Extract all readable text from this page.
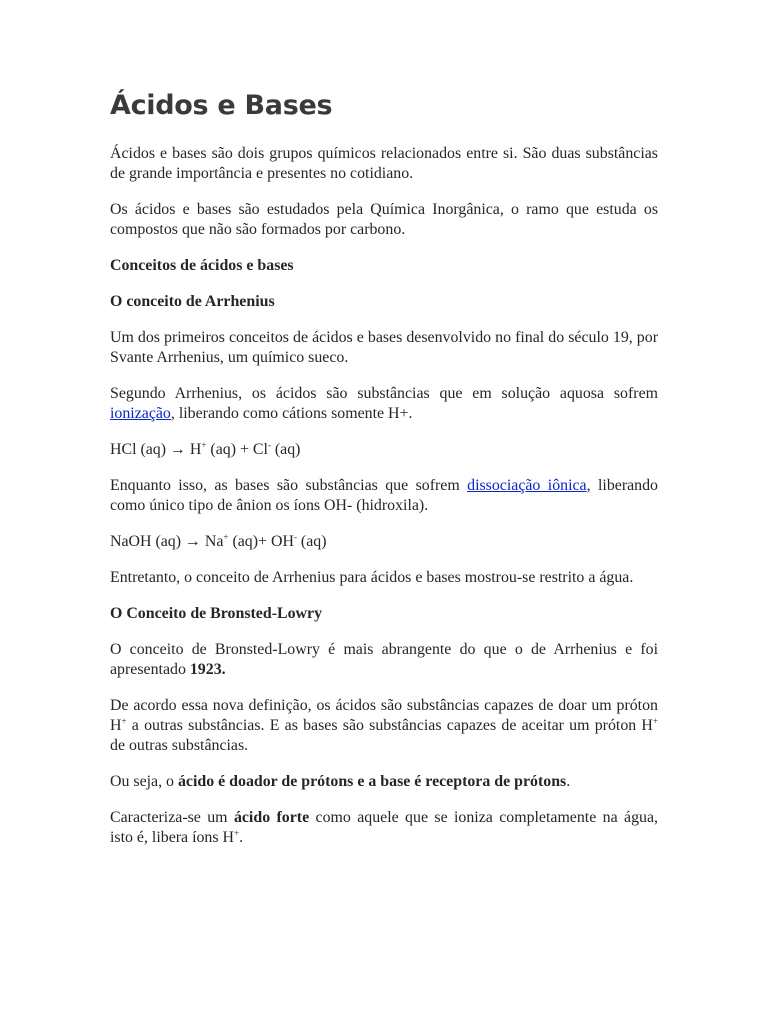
Ácidos e Bases

Ácidos e bases são dois grupos químicos relacionados entre si. São duas substâncias de grande importância e presentes no cotidiano.

Os ácidos e bases são estudados pela Química Inorgânica, o ramo que estuda os compostos que não são formados por carbono.

Conceitos de ácidos e bases

O conceito de Arrhenius

Um dos primeiros conceitos de ácidos e bases desenvolvido no final do século 19, por Svante Arrhenius, um químico sueco.

Segundo Arrhenius, os ácidos são substâncias que em solução aquosa sofrem ionização, liberando como cátions somente H+.

HCl (aq) → H+ (aq) + Cl- (aq)

Enquanto isso, as bases são substâncias que sofrem dissociação iônica, liberando como único tipo de ânion os íons OH- (hidroxila).

NaOH (aq) → Na+ (aq)+ OH- (aq)

Entretanto, o conceito de Arrhenius para ácidos e bases mostrou-se restrito a água.

O Conceito de Bronsted-Lowry

O conceito de Bronsted-Lowry é mais abrangente do que o de Arrhenius e foi apresentado 1923.

De acordo essa nova definição, os ácidos são substâncias capazes de doar um próton H+ a outras substâncias. E as bases são substâncias capazes de aceitar um próton H+ de outras substâncias.

Ou seja, o ácido é doador de prótons e a base é receptora de prótons.

Caracteriza-se um ácido forte como aquele que se ioniza completamente na água, isto é, libera íons H+.
